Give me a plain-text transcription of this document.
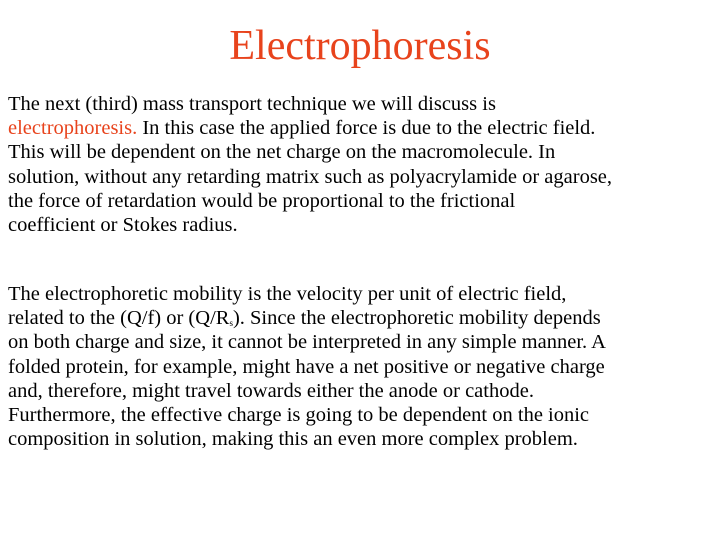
Electrophoresis

The next (third) mass transport technique we will discuss is
electrophoresis. In this case the applied force is due to the electric field.
This will be dependent on the net charge on the macromolecule. In
solution, without any retarding matrix such as polyacrylamide or agarose,
the force of retardation would be proportional to the frictional
coefficient or Stokes radius.

The electrophoretic mobility is the velocity per unit of electric field,
related to the (Q/f) or $(Q/R_s)$. Since the electrophoretic mobility depends
on both charge and size, it cannot be interpreted in any simple manner. A
folded protein, for example, might have a net positive or negative charge
and, therefore, might travel towards either the anode or cathode.
Furthermore, the effective charge is going to be dependent on the ionic
composition in solution, making this an even more complex problem.
